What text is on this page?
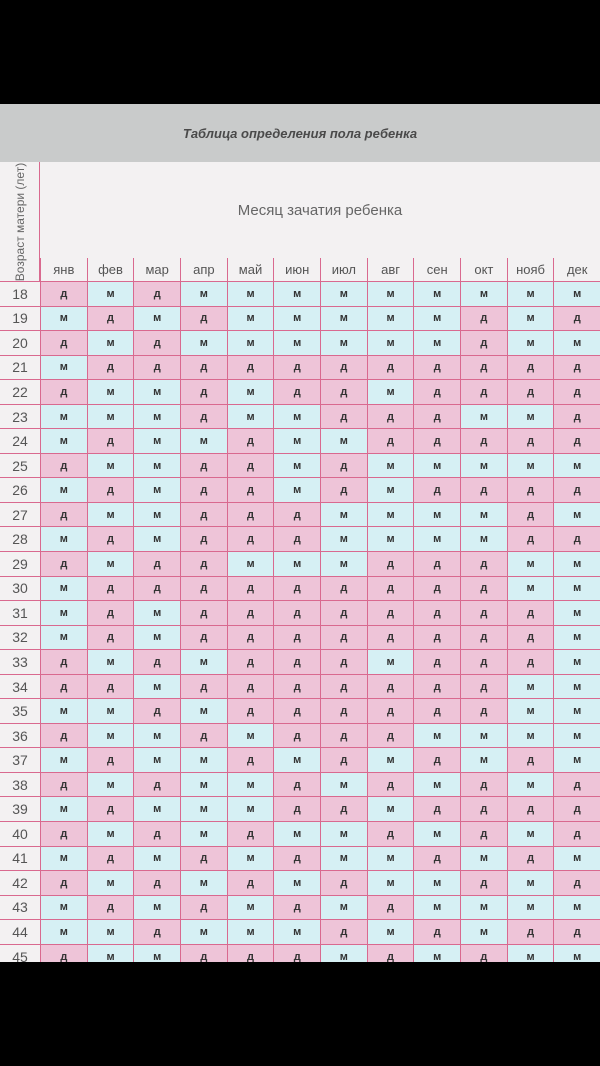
Таблица определения пола ребенка
Возраст матери (лет)	Месяц зачатия ребенка
янв	фев	мар	апр	май	июн	июл	авг	сен	окт	нояб	дек
18	д	м	д	м	м	м	м	м	м	м	м	м
19	м	д	м	д	м	м	м	м	м	д	м	д
20	д	м	д	м	м	м	м	м	м	д	м	м
21	м	д	д	д	д	д	д	д	д	д	д	д
22	д	м	м	д	м	д	д	м	д	д	д	д
23	м	м	м	д	м	м	д	д	д	м	м	д
24	м	д	м	м	д	м	м	д	д	д	д	д
25	д	м	м	д	д	м	д	м	м	м	м	м
26	м	д	м	д	д	м	д	м	д	д	д	д
27	д	м	м	д	д	д	м	м	м	м	д	м
28	м	д	м	д	д	д	м	м	м	м	д	д
29	д	м	д	д	м	м	м	д	д	д	м	м
30	м	д	д	д	д	д	д	д	д	д	м	м
31	м	д	м	д	д	д	д	д	д	д	д	м
32	м	д	м	д	д	д	д	д	д	д	д	м
33	д	м	д	м	д	д	д	м	д	д	д	м
34	д	д	м	д	д	д	д	д	д	д	м	м
35	м	м	д	м	д	д	д	д	д	д	м	м
36	д	м	м	д	м	д	д	д	м	м	м	м
37	м	д	м	м	д	м	д	м	д	м	д	м
38	д	м	д	м	м	д	м	д	м	д	м	д
39	м	д	м	м	м	д	д	м	д	д	д	д
40	д	м	д	м	д	м	м	д	м	д	м	д
41	м	д	м	д	м	д	м	м	д	м	д	м
42	д	м	д	м	д	м	д	м	м	д	м	д
43	м	д	м	д	м	д	м	д	м	м	м	м
44	м	м	д	м	м	м	д	м	д	м	д	д
45	д	м	м	д	д	д	м	д	м	д	м	м
